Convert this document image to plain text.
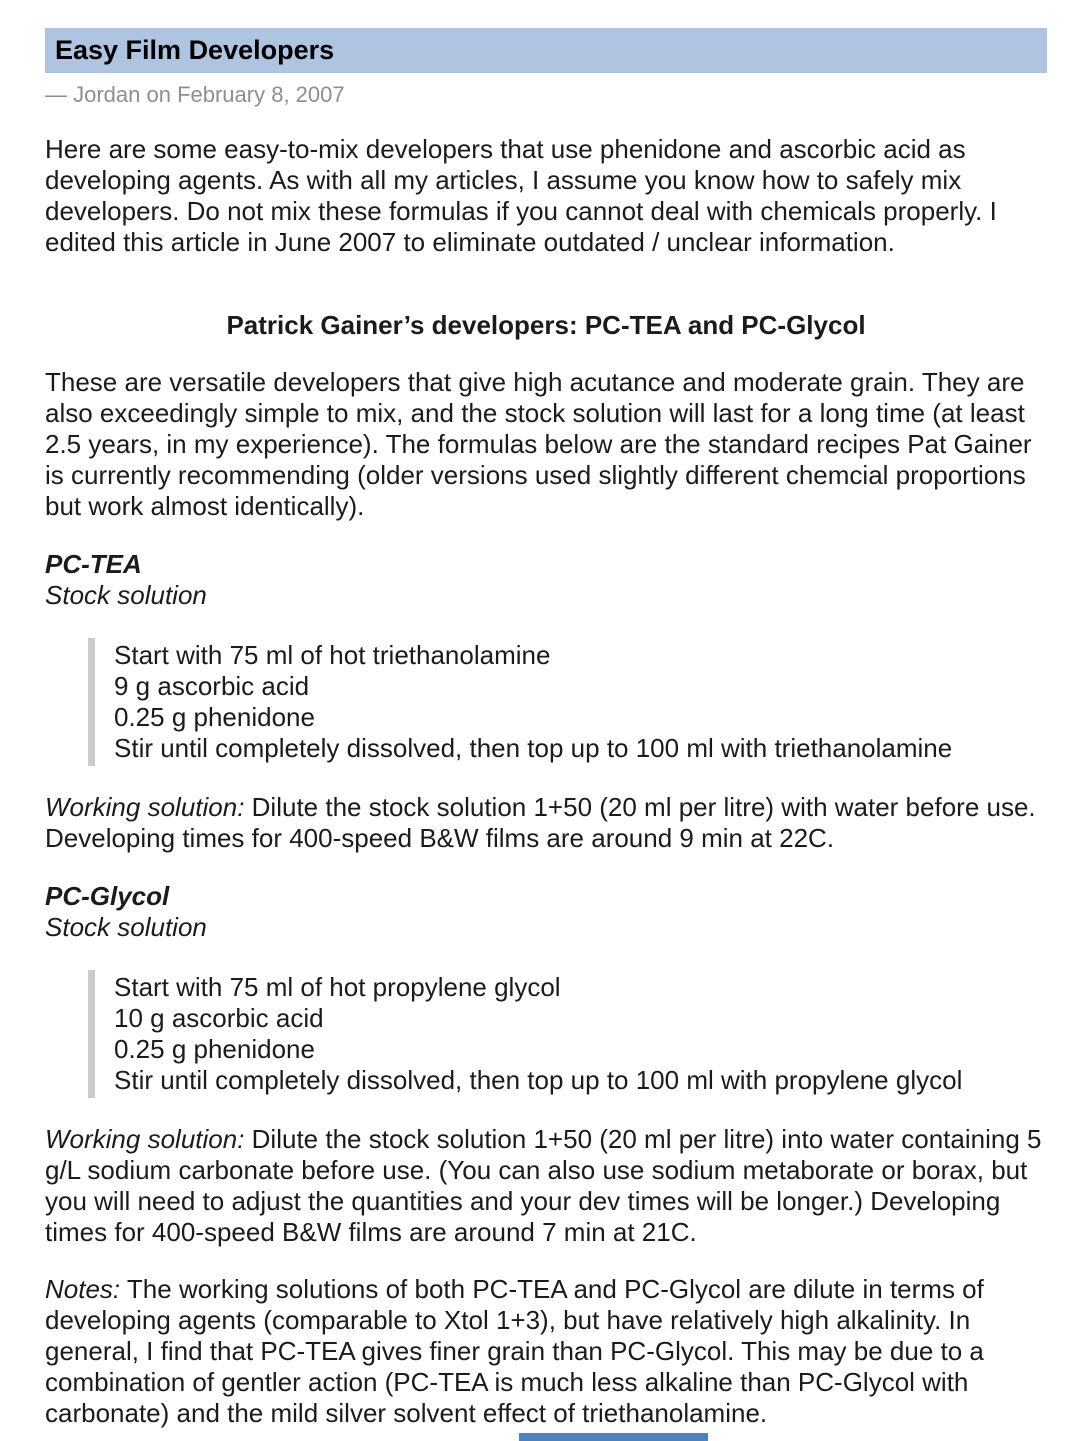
Easy Film Developers
— Jordan on February 8, 2007

Here are some easy-to-mix developers that use phenidone and ascorbic acid as developing agents. As with all my articles, I assume you know how to safely mix developers. Do not mix these formulas if you cannot deal with chemicals properly. I edited this article in June 2007 to eliminate outdated / unclear information.

Patrick Gainer’s developers: PC-TEA and PC-Glycol

These are versatile developers that give high acutance and moderate grain. They are also exceedingly simple to mix, and the stock solution will last for a long time (at least 2.5 years, in my experience). The formulas below are the standard recipes Pat Gainer is currently recommending (older versions used slightly different chemcial proportions but work almost identically).

PC-TEA
Stock solution
Start with 75 ml of hot triethanolamine
9 g ascorbic acid
0.25 g phenidone
Stir until completely dissolved, then top up to 100 ml with triethanolamine

Working solution: Dilute the stock solution 1+50 (20 ml per litre) with water before use. Developing times for 400-speed B&W films are around 9 min at 22C.

PC-Glycol
Stock solution
Start with 75 ml of hot propylene glycol
10 g ascorbic acid
0.25 g phenidone
Stir until completely dissolved, then top up to 100 ml with propylene glycol

Working solution: Dilute the stock solution 1+50 (20 ml per litre) into water containing 5 g/L sodium carbonate before use. (You can also use sodium metaborate or borax, but you will need to adjust the quantities and your dev times will be longer.) Developing times for 400-speed B&W films are around 7 min at 21C.

Notes: The working solutions of both PC-TEA and PC-Glycol are dilute in terms of developing agents (comparable to Xtol 1+3), but have relatively high alkalinity. In general, I find that PC-TEA gives finer grain than PC-Glycol. This may be due to a combination of gentler action (PC-TEA is much less alkaline than PC-Glycol with carbonate) and the mild silver solvent effect of triethanolamine.
